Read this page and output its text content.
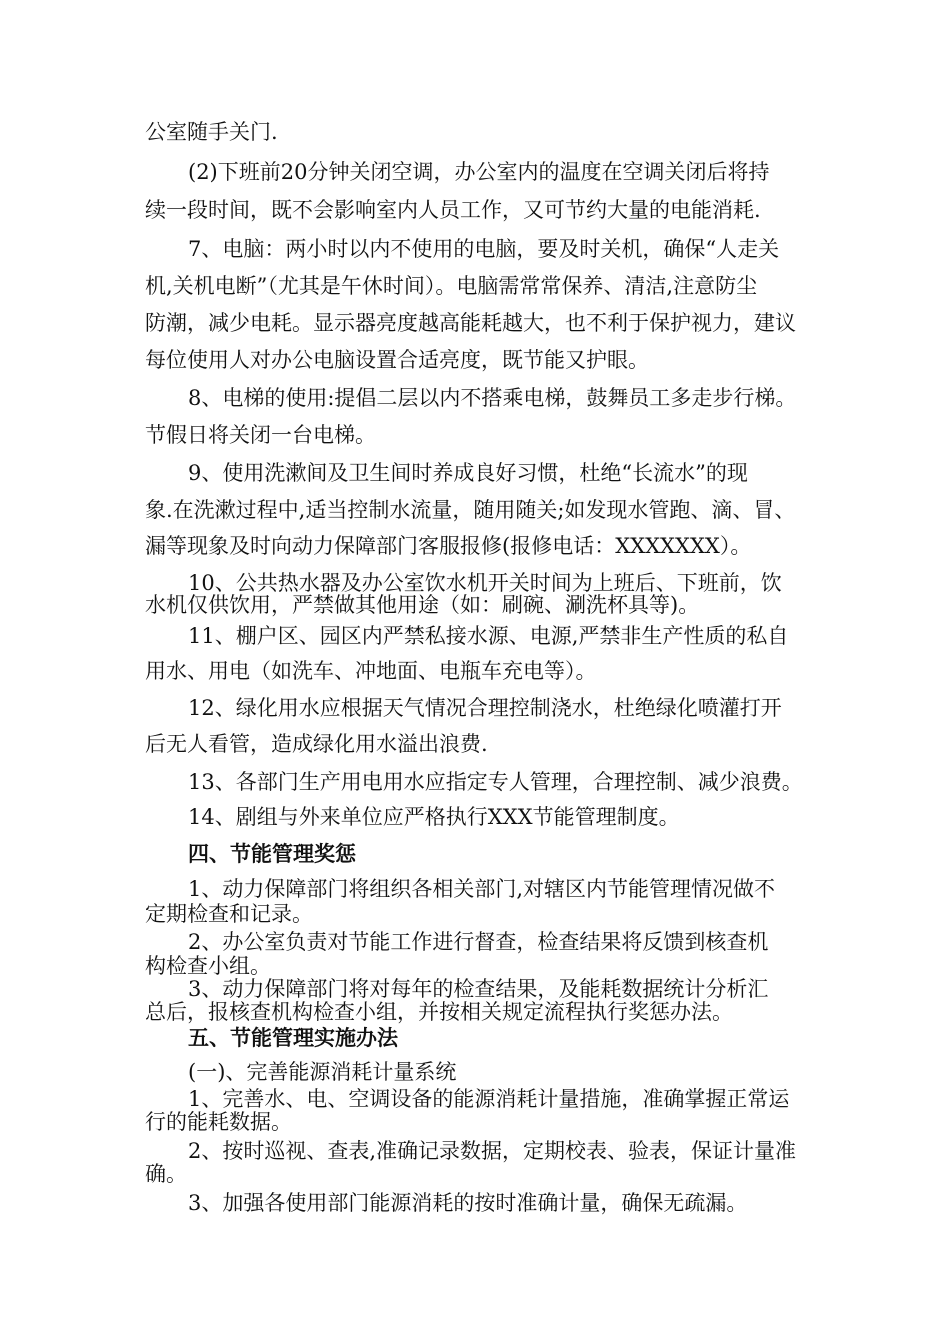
公室随手关门.
(2)下班前20分钟关闭空调，办公室内的温度在空调关闭后将持
续一段时间，既不会影响室内人员工作，又可节约大量的电能消耗.
7、电脑：两小时以内不使用的电脑，要及时关机，确保“人走关
机,关机电断”（尤其是午休时间）。电脑需常常保养、清洁,注意防尘
防潮，减少电耗。显示器亮度越高能耗越大，也不利于保护视力，建议
每位使用人对办公电脑设置合适亮度，既节能又护眼。
8、电梯的使用:提倡二层以内不搭乘电梯，鼓舞员工多走步行梯。
节假日将关闭一台电梯。
9、使用洗漱间及卫生间时养成良好习惯，杜绝“长流水”的现
象.在洗漱过程中,适当控制水流量，随用随关;如发现水管跑、滴、冒、
漏等现象及时向动力保障部门客服报修(报修电话：XXXXXXX）。
10、公共热水器及办公室饮水机开关时间为上班后、下班前，饮
水机仅供饮用，严禁做其他用途（如：刷碗、涮洗杯具等)。
11、棚户区、园区内严禁私接水源、电源,严禁非生产性质的私自
用水、用电（如洗车、冲地面、电瓶车充电等）。
12、绿化用水应根据天气情况合理控制浇水，杜绝绿化喷灌打开
后无人看管，造成绿化用水溢出浪费.
13、各部门生产用电用水应指定专人管理，合理控制、减少浪费。
14、剧组与外来单位应严格执行XXX节能管理制度。
四、节能管理奖惩
1、动力保障部门将组织各相关部门,对辖区内节能管理情况做不
定期检查和记录。
2、办公室负责对节能工作进行督查，检查结果将反馈到核查机
构检查小组。
3、动力保障部门将对每年的检查结果，及能耗数据统计分析汇
总后，报核查机构检查小组，并按相关规定流程执行奖惩办法。
五、节能管理实施办法
(一)、完善能源消耗计量系统
1、完善水、电、空调设备的能源消耗计量措施，准确掌握正常运
行的能耗数据。
2、按时巡视、查表,准确记录数据，定期校表、验表，保证计量准
确。
3、加强各使用部门能源消耗的按时准确计量，确保无疏漏。
